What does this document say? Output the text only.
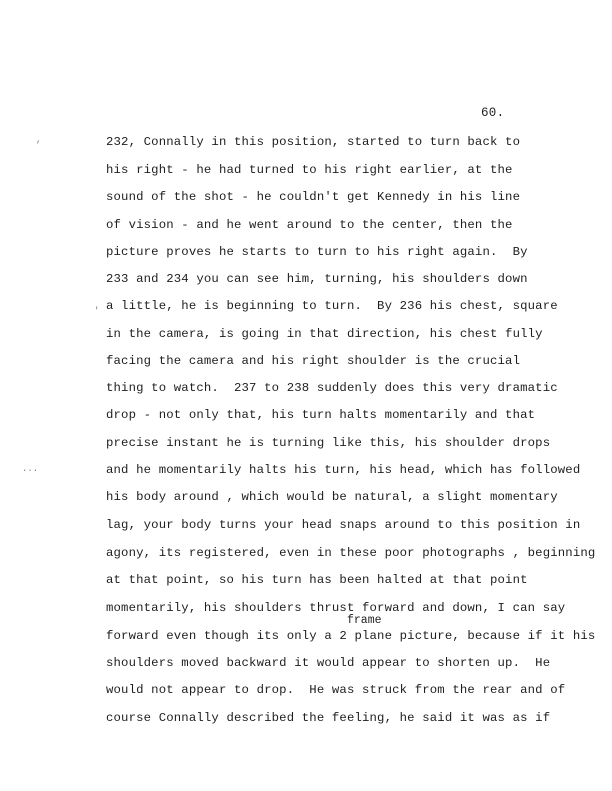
60.
,
'
...
frame
232, Connally in this position, started to turn back to
his right - he had turned to his right earlier, at the
sound of the shot - he couldn't get Kennedy in his line
of vision - and he went around to the center, then the
picture proves he starts to turn to his right again.  By
233 and 234 you can see him, turning, his shoulders down
a little, he is beginning to turn.  By 236 his chest, square
in the camera, is going in that direction, his chest fully
facing the camera and his right shoulder is the crucial
thing to watch.  237 to 238 suddenly does this very dramatic
drop - not only that, his turn halts momentarily and that
precise instant he is turning like this, his shoulder drops
and he momentarily halts his turn, his head, which has followed
his body around , which would be natural, a slight momentary
lag, your body turns your head snaps around to this position in
agony, its registered, even in these poor photographs , beginning
at that point, so his turn has been halted at that point
momentarily, his shoulders thrust forward and down, I can say
forward even though its only a 2 plane picture, because if it his
shoulders moved backward it would appear to shorten up.  He
would not appear to drop.  He was struck from the rear and of
course Connally described the feeling, he said it was as if
